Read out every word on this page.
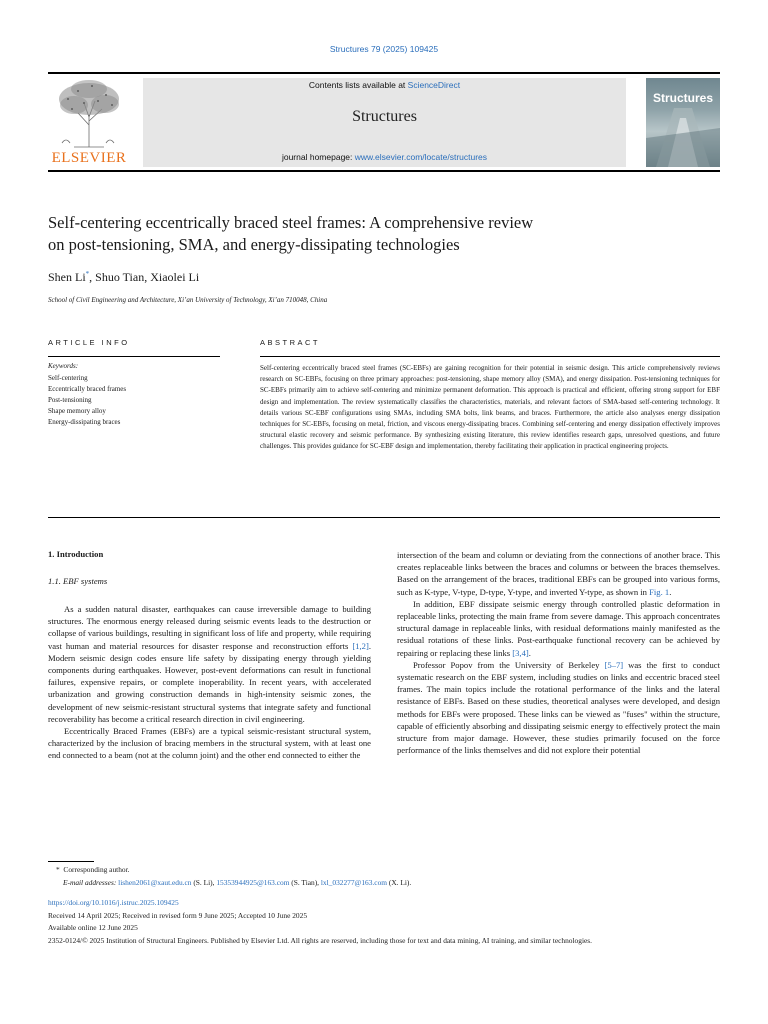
Structures 79 (2025) 109425
ELSEVIER
Contents lists available at ScienceDirect
Structures
journal homepage: www.elsevier.com/locate/structures
Structures
Self-centering eccentrically braced steel frames: A comprehensive review
on post-tensioning, SMA, and energy-dissipating technologies
Shen Li*, Shuo Tian, Xiaolei Li
School of Civil Engineering and Architecture, Xi’an University of Technology, Xi’an 710048, China
ARTICLE INFO
Keywords:
Self-centering
Eccentrically braced frames
Post-tensioning
Shape memory alloy
Energy-dissipating braces
ABSTRACT
Self-centering eccentrically braced steel frames (SC-EBFs) are gaining recognition for their potential in seismic design. This article comprehensively reviews research on SC-EBFs, focusing on three primary approaches: post-tensioning, shape memory alloy (SMA), and energy dissipation. Post-tensioning techniques for SC-EBFs primarily aim to achieve self-centering and minimize permanent deformation. This approach is practical and efficient, offering strong support for EBF design and implementation. The review systematically classifies the characteristics, materials, and relevant factors of SMA-based self-centering technology. It details various SC-EBF configurations using SMAs, including SMA bolts, link beams, and braces. Furthermore, the article also analyses energy dissipation techniques for SC-EBFs, focusing on metal, friction, and viscous energy-dissipating braces. Combining self-centering and energy dissipation effectively improves structural elastic recovery and seismic performance. By synthesizing existing literature, this review identifies research gaps, unresolved questions, and future challenges. This provides guidance for SC-EBF design and implementation, thereby facilitating their application in practical engineering projects.
1. Introduction
1.1. EBF systems

As a sudden natural disaster, earthquakes can cause irreversible damage to building structures. The enormous energy released during seismic events leads to the destruction or collapse of various buildings, resulting in significant loss of life and property, while requiring vast human and material resources for disaster response and reconstruction efforts [1,2]. Modern seismic design codes ensure life safety by dissipating energy through yielding components during earthquakes. However, post-event deformations can result in functional failures, expensive repairs, or complete inoperability. In recent years, with accelerated urbanization and growing construction demands in high-intensity seismic zones, the development of new seismic-resistant structural systems that integrate safety and functional recoverability has become a critical research direction in civil engineering.

Eccentrically Braced Frames (EBFs) are a typical seismic-resistant structural system, characterized by the inclusion of bracing members in the structural system, with at least one end connected to a beam (not at the column joint) and the other end connected to either the

intersection of the beam and column or deviating from the connections of another brace. This creates replaceable links between the braces and columns or between the braces themselves. Based on the arrangement of the braces, traditional EBFs can be grouped into various forms, such as K-type, V-type, D-type, Y-type, and inverted Y-type, as shown in Fig. 1.

In addition, EBF dissipate seismic energy through controlled plastic deformation in replaceable links, protecting the main frame from severe damage. This approach concentrates structural damage in replaceable links, with residual deformations mainly manifested as the residual rotations of these links. Post-earthquake functional recovery can be achieved by repairing or replacing these links [3,4].

Professor Popov from the University of Berkeley [5–7] was the first to conduct systematic research on the EBF system, including studies on links and eccentric braced steel frames. The main topics include the rotational performance of the links and the lateral resistance of EBFs. Based on these studies, theoretical analyses were developed, and design methods for EBFs were proposed. These links can be viewed as "fuses" within the structure, capable of efficiently absorbing and dissipating seismic energy to effectively protect the main structure from major damage. However, these studies primarily focused on the force performance of the links themselves and did not explore their potential

* Corresponding author.
E-mail addresses: lishen2061@xaut.edu.cn (S. Li), 15353944925@163.com (S. Tian), lxl_032277@163.com (X. Li).
https://doi.org/10.1016/j.istruc.2025.109425
Received 14 April 2025; Received in revised form 9 June 2025; Accepted 10 June 2025
Available online 12 June 2025
2352-0124/© 2025 Institution of Structural Engineers. Published by Elsevier Ltd. All rights are reserved, including those for text and data mining, AI training, and similar technologies.
